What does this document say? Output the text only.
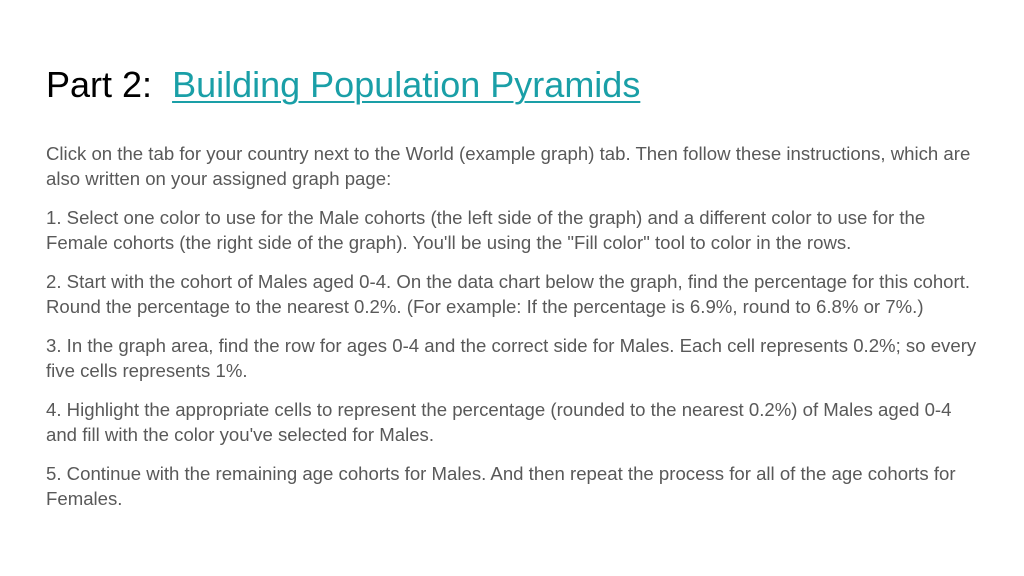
Part 2:  Building Population Pyramids

Click on the tab for your country next to the World (example graph) tab. Then follow these instructions, which are also written on your assigned graph page:

1. Select one color to use for the Male cohorts (the left side of the graph) and a different color to use for the Female cohorts (the right side of the graph). You'll be using the "Fill color" tool to color in the rows.

2. Start with the cohort of Males aged 0-4. On the data chart below the graph, find the percentage for this cohort. Round the percentage to the nearest 0.2%. (For example: If the percentage is 6.9%, round to 6.8% or 7%.)

3. In the graph area, find the row for ages 0-4 and the correct side for Males. Each cell represents 0.2%; so every five cells represents 1%.

4. Highlight the appropriate cells to represent the percentage (rounded to the nearest 0.2%) of Males aged 0-4 and fill with the color you've selected for Males.

5. Continue with the remaining age cohorts for Males. And then repeat the process for all of the age cohorts for Females.
